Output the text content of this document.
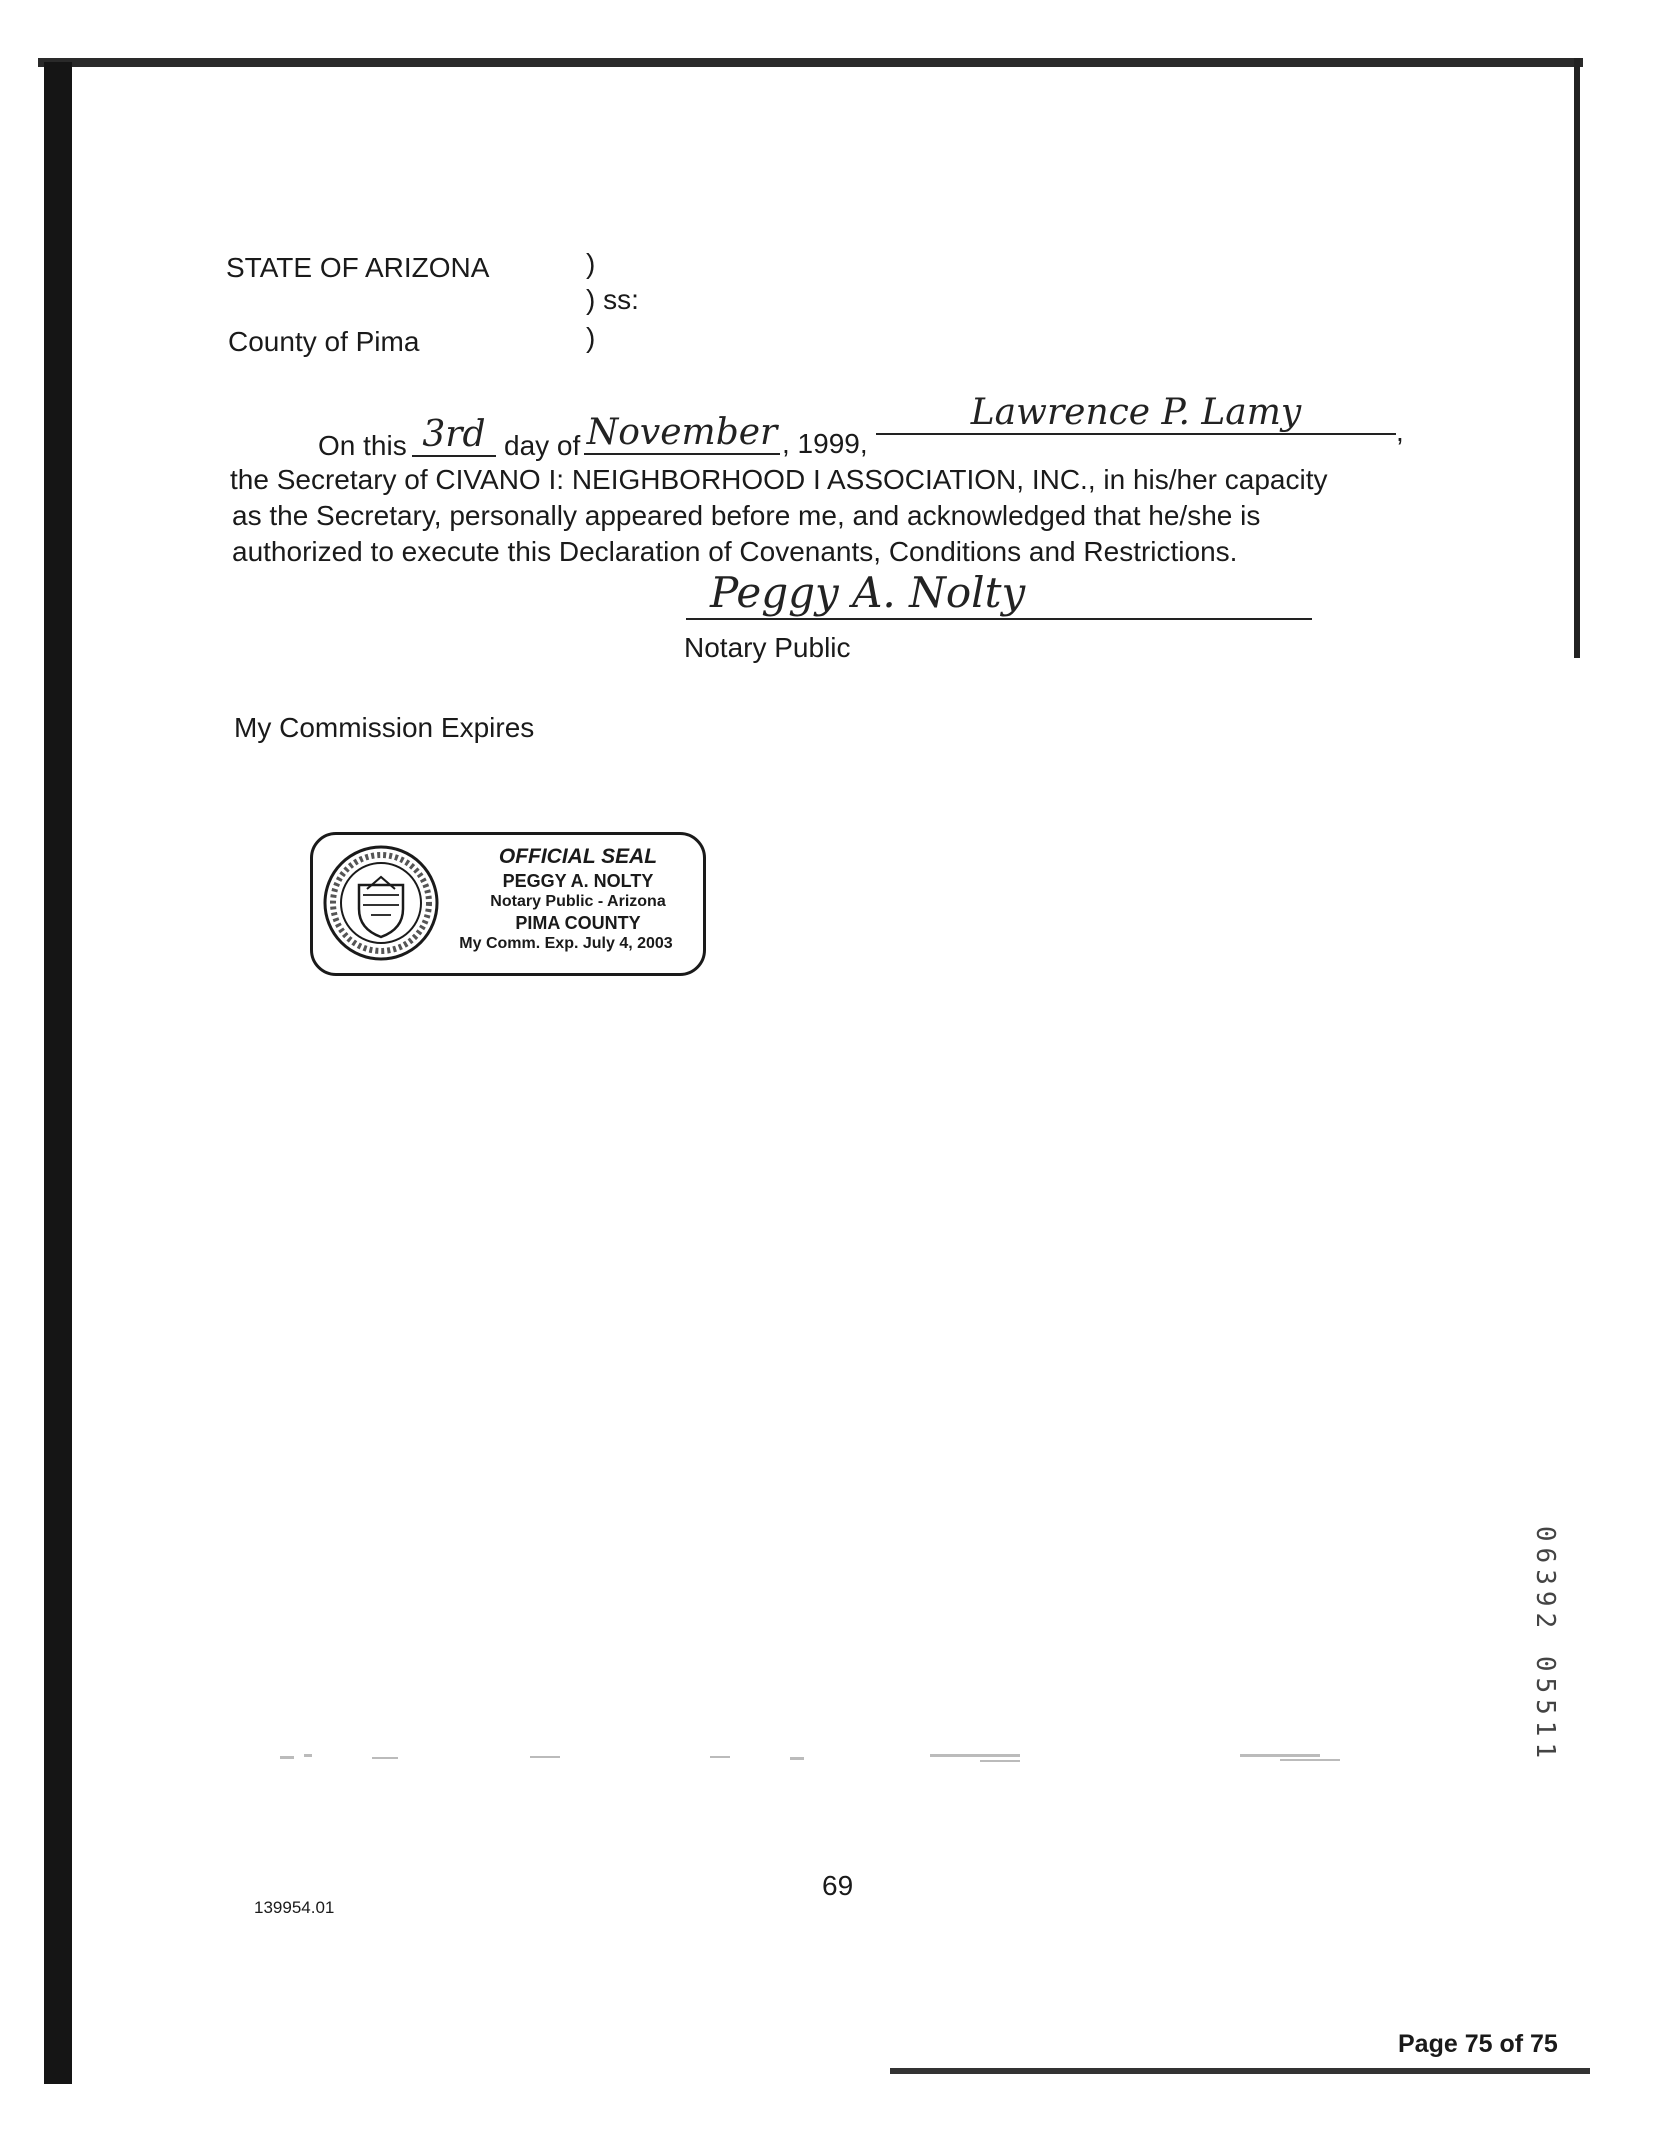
STATE OF ARIZONA	)
) ss:
County of Pima	)
On this 3rd day of November , 1999,
Lawrence P. Lamy	,
the Secretary of CIVANO I: NEIGHBORHOOD I ASSOCIATION, INC., in his/her capacity
as the Secretary, personally appeared before me, and acknowledged that he/she is
authorized to execute this Declaration of Covenants, Conditions and Restrictions.
Peggy A. Nolty
Notary Public
My Commission Expires
OFFICIAL SEAL
PEGGY A. NOLTY
Notary Public - Arizona
PIMA COUNTY
My Comm. Exp. July 4, 2003
06392 05511
69
139954.01
Page 75 of 75
